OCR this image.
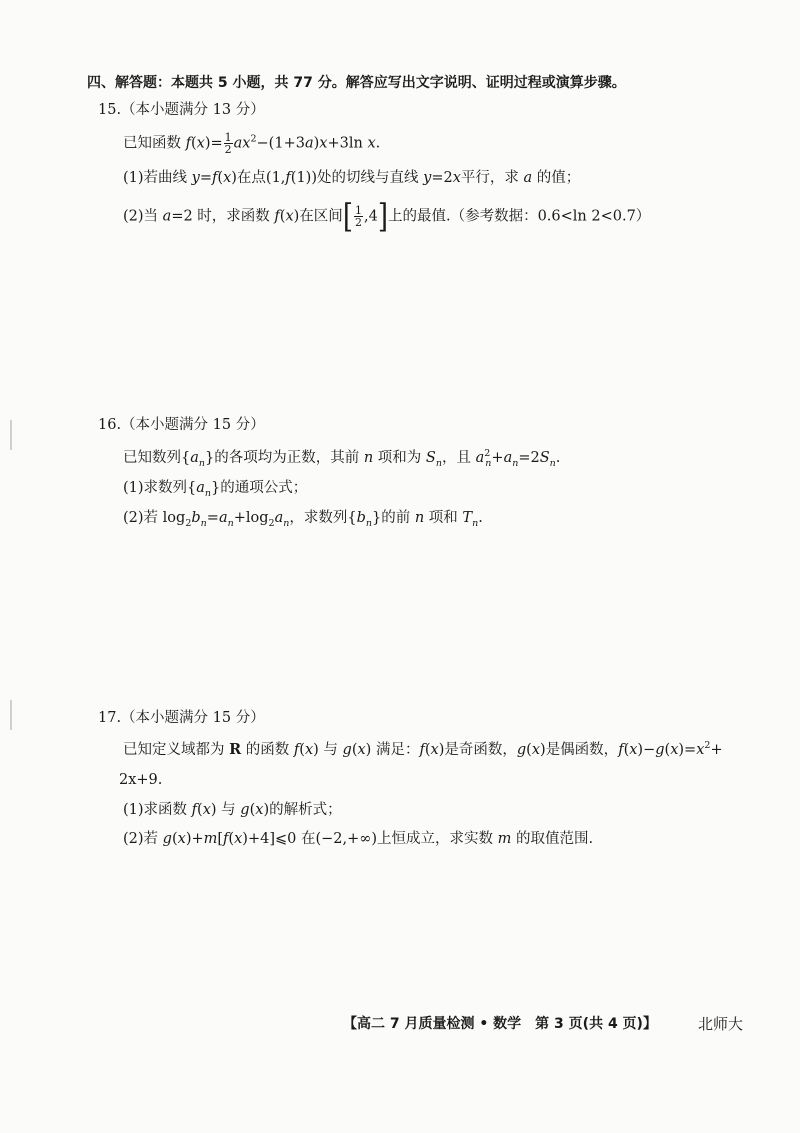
四、解答题：本题共 5 小题，共 77 分。解答应写出文字说明、证明过程或演算步骤。
15.（本小题满分 13 分）
已知函数 $f(x)= \frac{1}{2} ax^2-(1+3a)x+3\ln$ x.
(1)若曲线 y=f(x)在点(1,f(1))处的切线与直线 y=2x平行，求 a 的值；
(2)当 a=2 时，求函数 f(x)在区间[ $\frac{1}{2} ,4$]上的最值.（参考数据：0.6<ln 2<0.7）
16.（本小题满分 15 分）
已知数列$\{a_n\}$的各项均为正数，其前 n 项和为 $S_n$，且 $a^2_n+a_n=2S_n$.
(1)求数列$\{a_n\}$的通项公式；
(2)若 $\log_2b_n=a_n+\log_2a_n$，求数列$\{b_n\}$的前 n 项和 $T_n$.
17.（本小题满分 15 分）
已知定义域都为 R 的函数 f(x) 与 g(x) 满足：f(x)是奇函数，g(x)是偶函数，$f(x)-g(x)=x^2+$
2x+9.
(1)求函数 f(x) 与 g(x)的解析式；
(2)若 g(x)+m[f(x)+4]⩽0 在(−2,+∞)上恒成立，求实数 m 的取值范围.
【高二 7 月质量检测 • 数学　第 3 页(共 4 页)】	北师大
